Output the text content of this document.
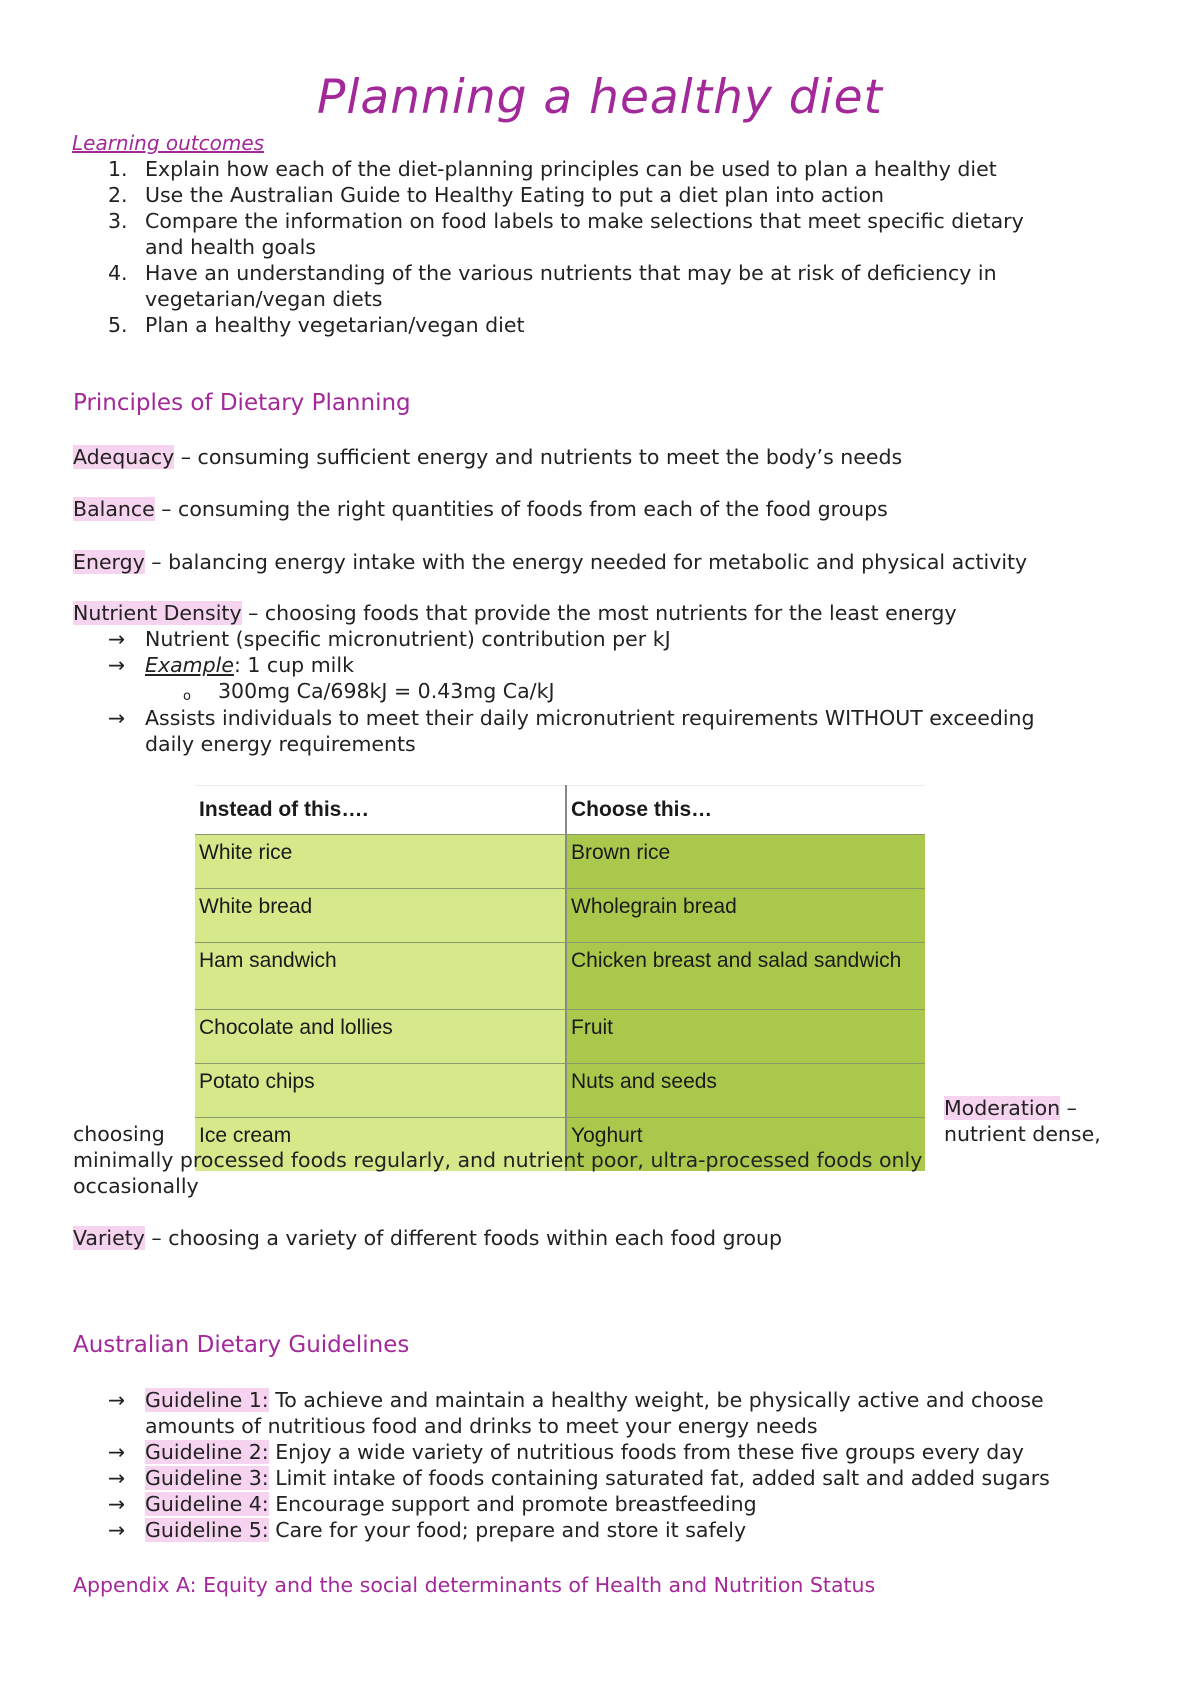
Planning a healthy diet
Learning outcomes
1. Explain how each of the diet-planning principles can be used to plan a healthy diet
2. Use the Australian Guide to Healthy Eating to put a diet plan into action
3. Compare the information on food labels to make selections that meet specific dietary
and health goals
4. Have an understanding of the various nutrients that may be at risk of deficiency in
vegetarian/vegan diets
5. Plan a healthy vegetarian/vegan diet
Principles of Dietary Planning
Adequacy – consuming sufficient energy and nutrients to meet the body’s needs
Balance – consuming the right quantities of foods from each of the food groups
Energy – balancing energy intake with the energy needed for metabolic and physical activity
Nutrient Density – choosing foods that provide the most nutrients for the least energy
→ Nutrient (specific micronutrient) contribution per kJ
→ Example: 1 cup milk
o 300mg Ca/698kJ = 0.43mg Ca/kJ
→ Assists individuals to meet their daily micronutrient requirements WITHOUT exceeding
daily energy requirements
Instead of this….	Choose this…
White rice	Brown rice
White bread	Wholegrain bread
Ham sandwich	Chicken breast and salad sandwich
Chocolate and lollies	Fruit
Potato chips	Nuts and seeds
Ice cream	Yoghurt
Moderation –
choosing	nutrient dense,
minimally processed foods regularly, and nutrient poor, ultra-processed foods only
occasionally
Variety – choosing a variety of different foods within each food group
Australian Dietary Guidelines
→ Guideline 1: To achieve and maintain a healthy weight, be physically active and choose
amounts of nutritious food and drinks to meet your energy needs
→ Guideline 2: Enjoy a wide variety of nutritious foods from these five groups every day
→ Guideline 3: Limit intake of foods containing saturated fat, added salt and added sugars
→ Guideline 4: Encourage support and promote breastfeeding
→ Guideline 5: Care for your food; prepare and store it safely
Appendix A: Equity and the social determinants of Health and Nutrition Status
